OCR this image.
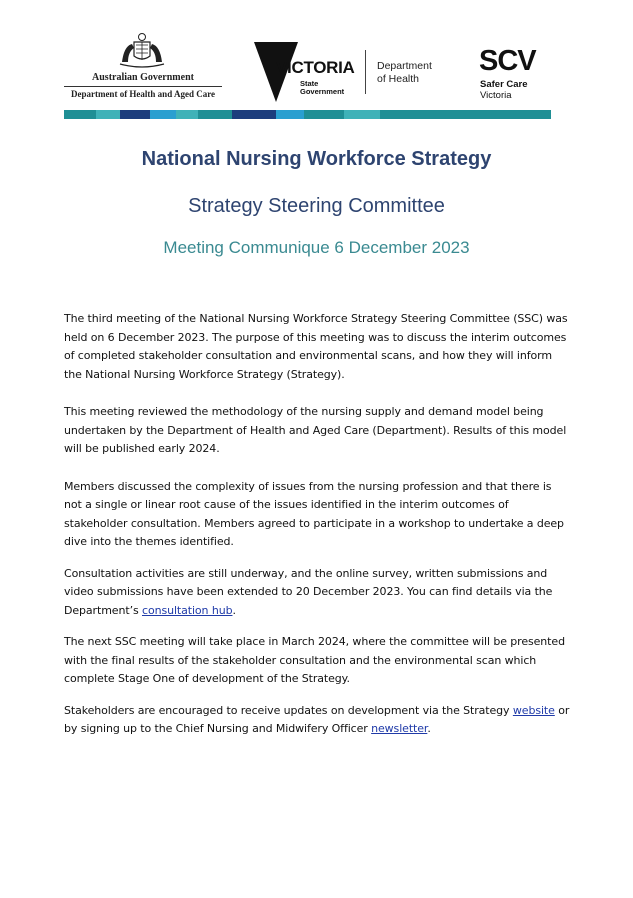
Australian Government
Department of Health and Aged Care
VICTORIA
State
Government
Department
of Health
SCV
Safer Care
Victoria
National Nursing Workforce Strategy
Strategy Steering Committee
Meeting Communique 6 December 2023

The third meeting of the National Nursing Workforce Strategy Steering Committee (SSC) was held on 6 December 2023. The purpose of this meeting was to discuss the interim outcomes of completed stakeholder consultation and environmental scans, and how they will inform the National Nursing Workforce Strategy (Strategy).

This meeting reviewed the methodology of the nursing supply and demand model being undertaken by the Department of Health and Aged Care (Department). Results of this model will be published early 2024.

Members discussed the complexity of issues from the nursing profession and that there is not a single or linear root cause of the issues identified in the interim outcomes of stakeholder consultation. Members agreed to participate in a workshop to undertake a deep dive into the themes identified.

Consultation activities are still underway, and the online survey, written submissions and video submissions have been extended to 20 December 2023. You can find details via the Department’s consultation hub.

The next SSC meeting will take place in March 2024, where the committee will be presented with the final results of the stakeholder consultation and the environmental scan which complete Stage One of development of the Strategy.

Stakeholders are encouraged to receive updates on development via the Strategy website or by signing up to the Chief Nursing and Midwifery Officer newsletter.
